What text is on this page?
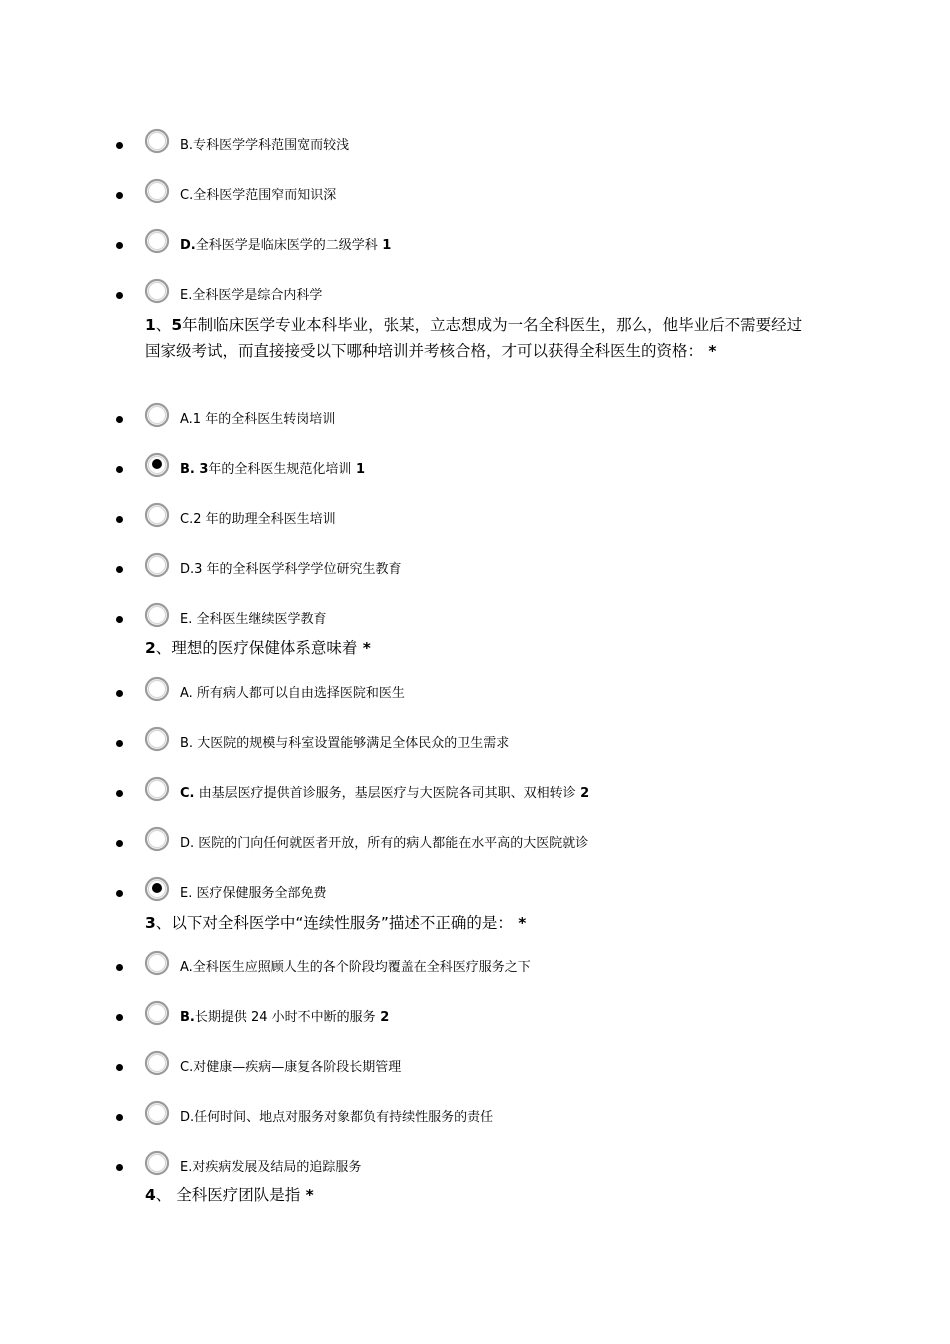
B.专科医学学科范围宽而较浅
C.全科医学范围窄而知识深
D.全科医学是临床医学的二级学科 1
E.全科医学是综合内科学
1、5年制临床医学专业本科毕业，张某，立志想成为一名全科医生，那么，他毕业后不需要经过国家级考试，而直接接受以下哪种培训并考核合格，才可以获得全科医生的资格： *
A.1 年的全科医生转岗培训
B. 3年的全科医生规范化培训 1
C.2 年的助理全科医生培训
D.3 年的全科医学科学学位研究生教育
E. 全科医生继续医学教育
2、理想的医疗保健体系意味着 *
A. 所有病人都可以自由选择医院和医生
B. 大医院的规模与科室设置能够满足全体民众的卫生需求
C. 由基层医疗提供首诊服务，基层医疗与大医院各司其职、双相转诊 2
D. 医院的门向任何就医者开放，所有的病人都能在水平高的大医院就诊
E. 医疗保健服务全部免费
3、以下对全科医学中“连续性服务”描述不正确的是： *
A.全科医生应照顾人生的各个阶段均覆盖在全科医疗服务之下
B.长期提供 24 小时不中断的服务 2
C.对健康—疾病—康复各阶段长期管理
D.任何时间、地点对服务对象都负有持续性服务的责任
E.对疾病发展及结局的追踪服务
4、 全科医疗团队是指 *
